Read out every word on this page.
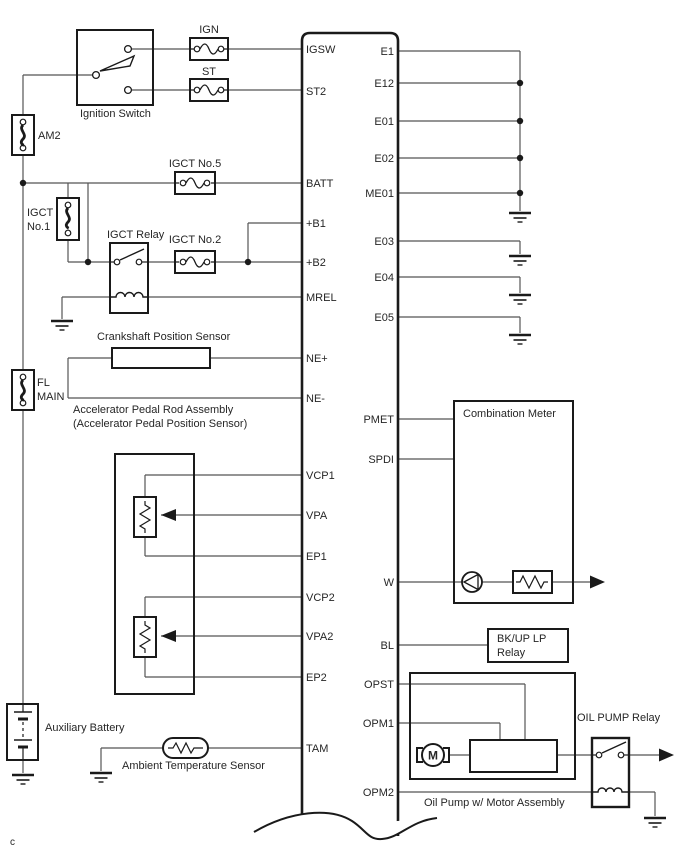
M
IGSW
ST2
BATT
+B1
+B2
MREL
NE+
NE-
VCP1
VPA
EP1
VCP2
VPA2
EP2
TAM
E1
E12
E01
E02
ME01
E03
E04
E05
PMET
SPDI
W
BL
OPST
OPM1
OPM2
Ignition Switch
IGN
ST
IGCT No.5
IGCT No.2
IGCT
No.1
AM2
FL
MAIN
IGCT Relay
Crankshaft Position Sensor
Accelerator Pedal Rod Assembly
(Accelerator Pedal Position Sensor)
Auxiliary Battery
Ambient Temperature Sensor
Combination Meter
BK/UP LP
Relay
OIL PUMP Relay
Oil Pump w/ Motor Assembly
c
